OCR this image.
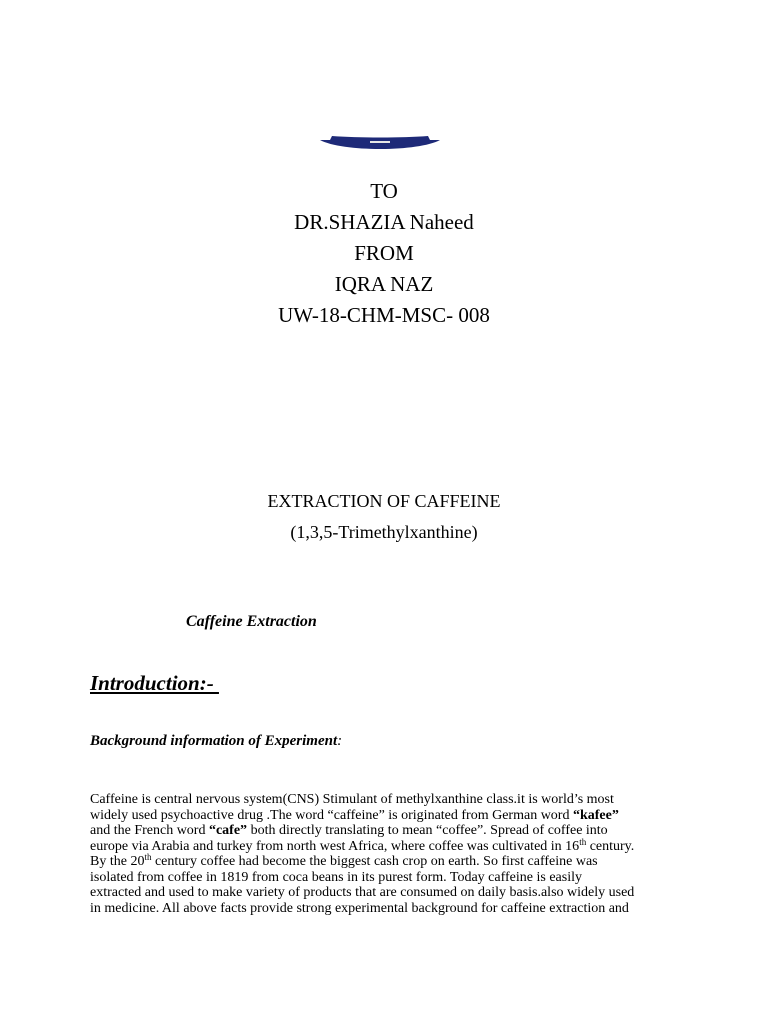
TO
DR.SHAZIA Naheed
FROM
IQRA NAZ
UW-18-CHM-MSC- 008
EXTRACTION OF CAFFEINE
(1,3,5-Trimethylxanthine)
Caffeine Extraction
Introduction:-
Background information of Experiment:
Caffeine is central nervous system(CNS) Stimulant of methylxanthine class.it is world’s most
widely used psychoactive drug .The word “caffeine” is originated from German word “kafee”
and the French word “cafe” both directly translating to mean “coffee”. Spread of coffee into
europe via Arabia and turkey from north west Africa, where coffee was cultivated in 16th century.
By the 20th century coffee had become the biggest cash crop on earth. So first caffeine was
isolated from coffee in 1819 from coca beans in its purest form. Today caffeine is easily
extracted and used to make variety of products that are consumed on daily basis.also widely used
in medicine. All above facts provide strong experimental background for caffeine extraction and
